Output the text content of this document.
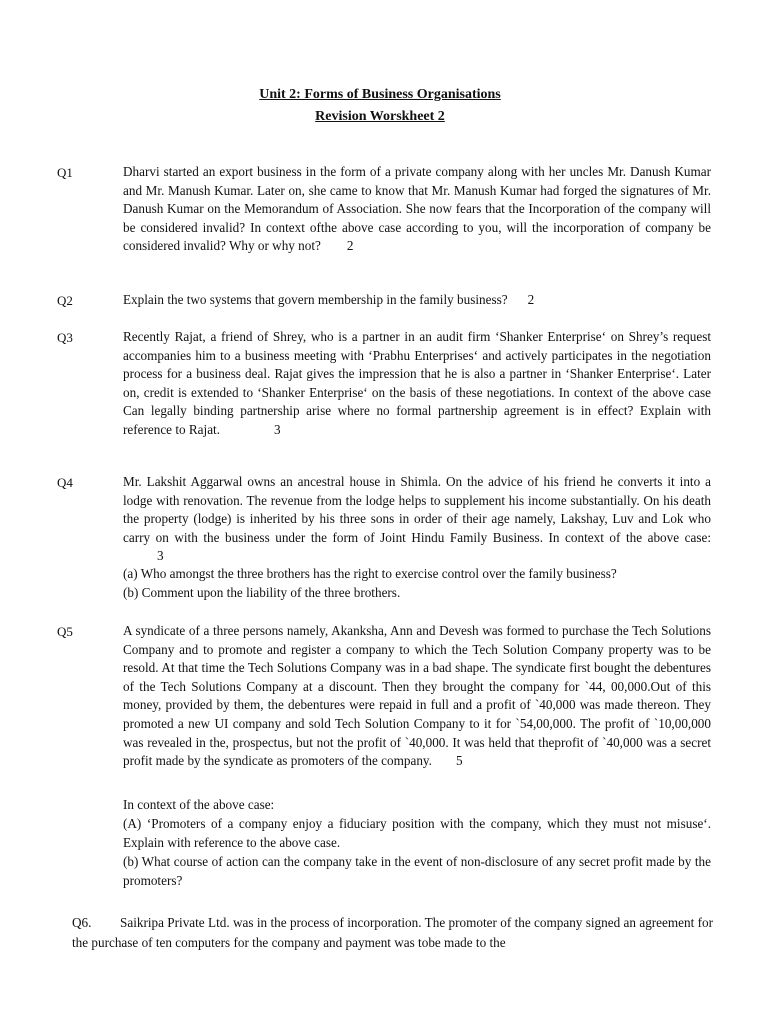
Unit 2: Forms of Business Organisations
Revision Worskheet 2
Q1	Dharvi started an export business in the form of a private company along with her uncles Mr. Danush Kumar and Mr. Manush Kumar. Later on, she came to know that Mr. Manush Kumar had forged the signatures of Mr. Danush Kumar on the Memorandum of Association. She now fears that the Incorporation of the company will be considered invalid? In context ofthe above case according to you, will the incorporation of company be considered invalid? Why or why not? 2
Q2	Explain the two systems that govern membership in the family business? 2
Q3	Recently Rajat, a friend of Shrey, who is a partner in an audit firm ‘Shanker Enterprise‘ on Shrey’s request accompanies him to a business meeting with ‘Prabhu Enterprises‘ and actively participates in the negotiation process for a business deal. Rajat gives the impression that he is also a partner in ‘Shanker Enterprise‘. Later on, credit is extended to ‘Shanker Enterprise‘ on the basis of these negotiations. In context of the above case Can legally binding partnership arise where no formal partnership agreement is in effect? Explain with reference to Rajat.	3
Q4	Mr. Lakshit Aggarwal owns an ancestral house in Shimla. On the advice of his friend he converts it into a lodge with renovation. The revenue from the lodge helps to supplement his income substantially. On his death the property (lodge) is inherited by his three sons in order of their age namely, Lakshay, Luv and Lok who carry on with the business under the form of Joint Hindu Family Business. In context of the above case:3
(a) Who amongst the three brothers has the right to exercise control over the family business?
(b) Comment upon the liability of the three brothers.
Q5	A syndicate of a three persons namely, Akanksha, Ann and Devesh was formed to purchase the Tech Solutions Company and to promote and register a company to which the Tech Solution Company property was to be resold. At that time the Tech Solutions Company was in a bad shape. The syndicate first bought the debentures of the Tech Solutions Company at a discount. Then they brought the company for `44, 00,000.Out of this money, provided by them, the debentures were repaid in full and a profit of `40,000 was made thereon. They promoted a new UI company and sold Tech Solution Company to it for `54,00,000. The profit of `10,00,000 was revealed in the, prospectus, but not the profit of `40,000. It was held that theprofit of `40,000 was a secret profit made by the syndicate as promoters of the company. 5
In context of the above case:
(A) ‘Promoters of a company enjoy a fiduciary position with the company, which they must not misuse‘. Explain with reference to the above case.
(b) What course of action can the company take in the event of non-disclosure of any secret profit made by the promoters?
Q6. Saikripa Private Ltd. was in the process of incorporation. The promoter of the company signed an agreement for the purchase of ten computers for the company and payment was tobe made to the
